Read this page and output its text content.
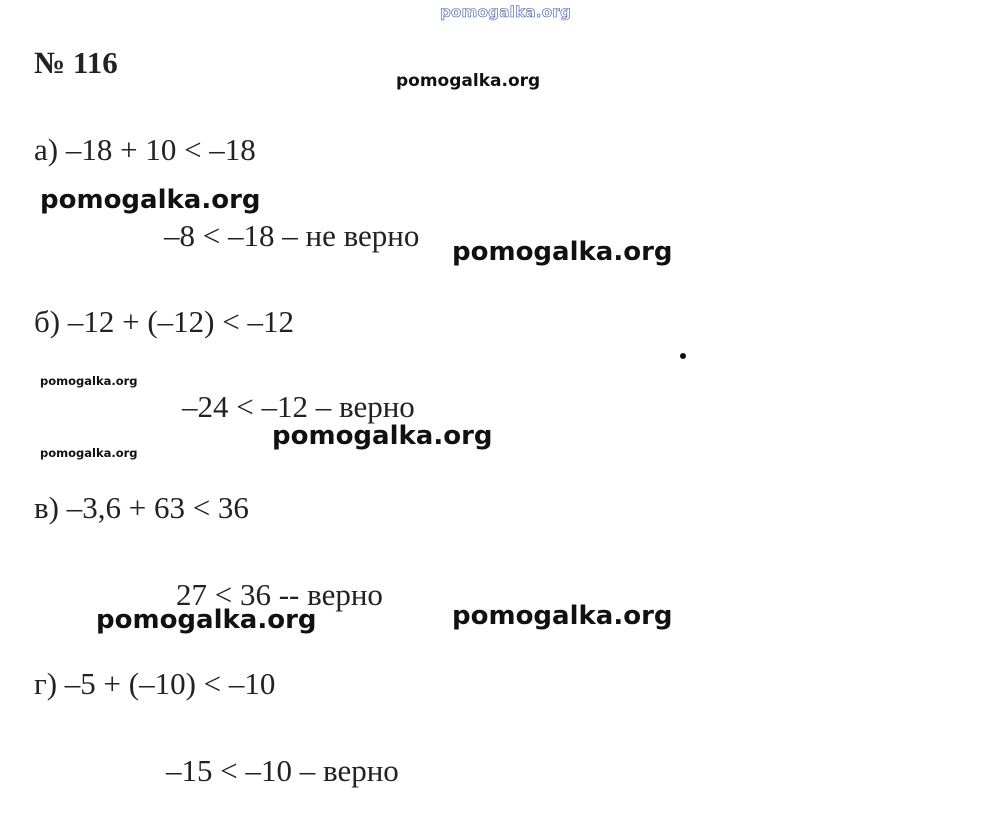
pomogalka.org
№ 116
pomogalka.org
pomogalka.org
pomogalka.org
pomogalka.org
pomogalka.org
pomogalka.org
pomogalka.org
а) –18 + 10 < –18
–8 < –18 – не верно
б) –12 + (–12) < –12
–24 < –12 – верно
в) –3,6 + 63 < 36
27 < 36 -- верно
pomogalka.org
г) –5 + (–10) < –10
–15 < –10 – верно
